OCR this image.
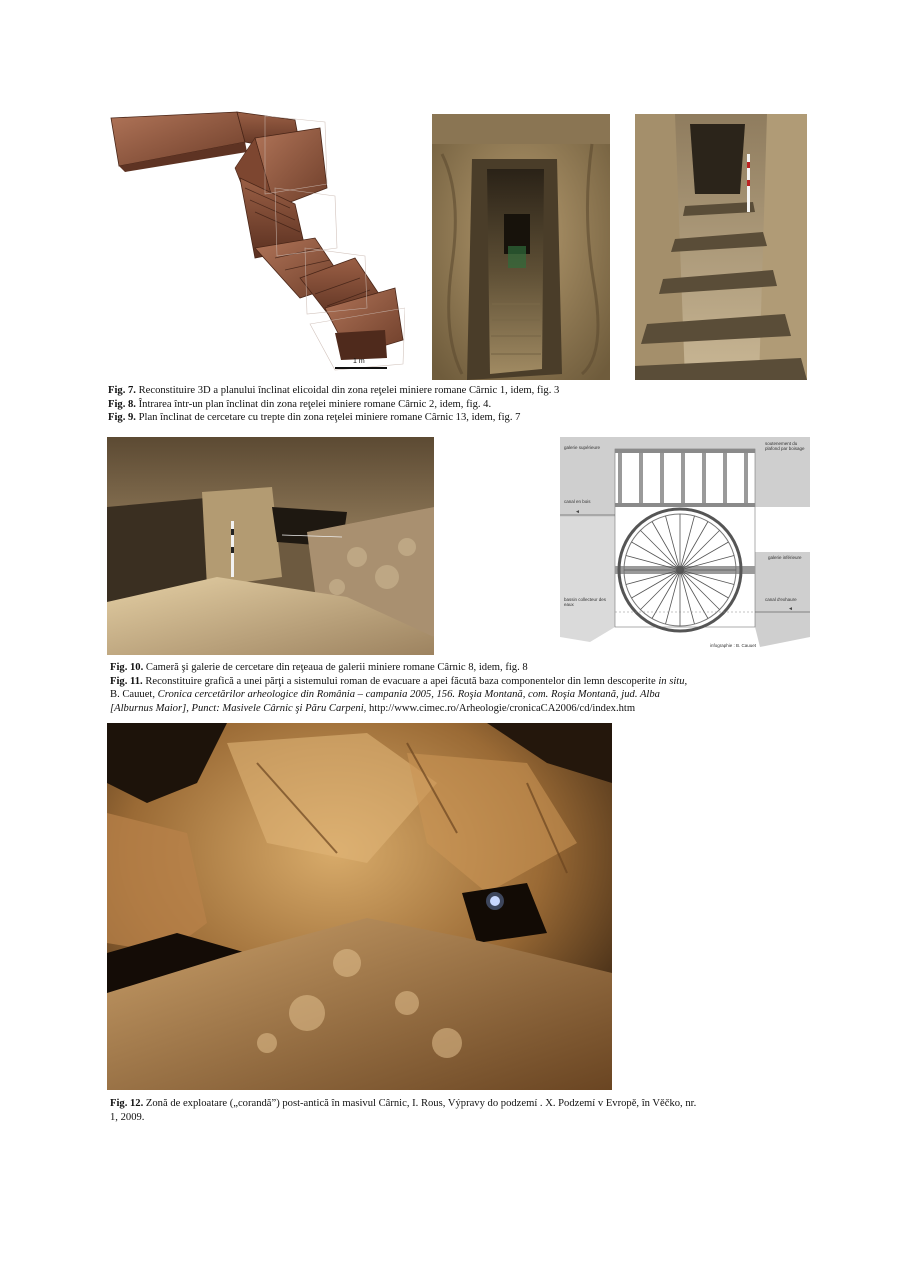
1 m
Fig. 7. Reconstituire 3D a planului înclinat elicoidal din zona reţelei miniere romane Cârnic 1, idem, fig. 3
Fig. 8. Întrarea într-un plan înclinat din zona reţelei miniere romane Cârnic 2, idem, fig. 4.
Fig. 9. Plan înclinat de cercetare cu trepte din zona reţelei miniere romane Cârnic 13, idem, fig. 7
◄
◄
soutenement du plafond par boisage
galerie supérieure
canal en bois
galerie inférieure
canal d'exhaure
bassin collecteur des eaux
infographie : B. Cauuet
Fig. 10. Cameră şi galerie de cercetare din reţeaua de galerii miniere romane Cârnic 8, idem, fig. 8
Fig. 11. Reconstituire grafică a unei părţi a sistemului roman de evacuare a apei făcută baza componentelor din lemn descoperite in situ,
B. Cauuet, Cronica cercetărilor arheologice din România – campania 2005, 156. Roşia Montană, com. Roşia Montană, jud. Alba
[Alburnus Maior], Punct: Masivele Cârnic şi Păru Carpeni, http://www.cimec.ro/Arheologie/cronicaCA2006/cd/index.htm
Fig. 12. Zonă de exploatare („corandă”) post-antică în masivul Cârnic, I. Rous, Výpravy do podzemí . X. Podzemí v Evropě, în Věčko, nr.
1, 2009.
